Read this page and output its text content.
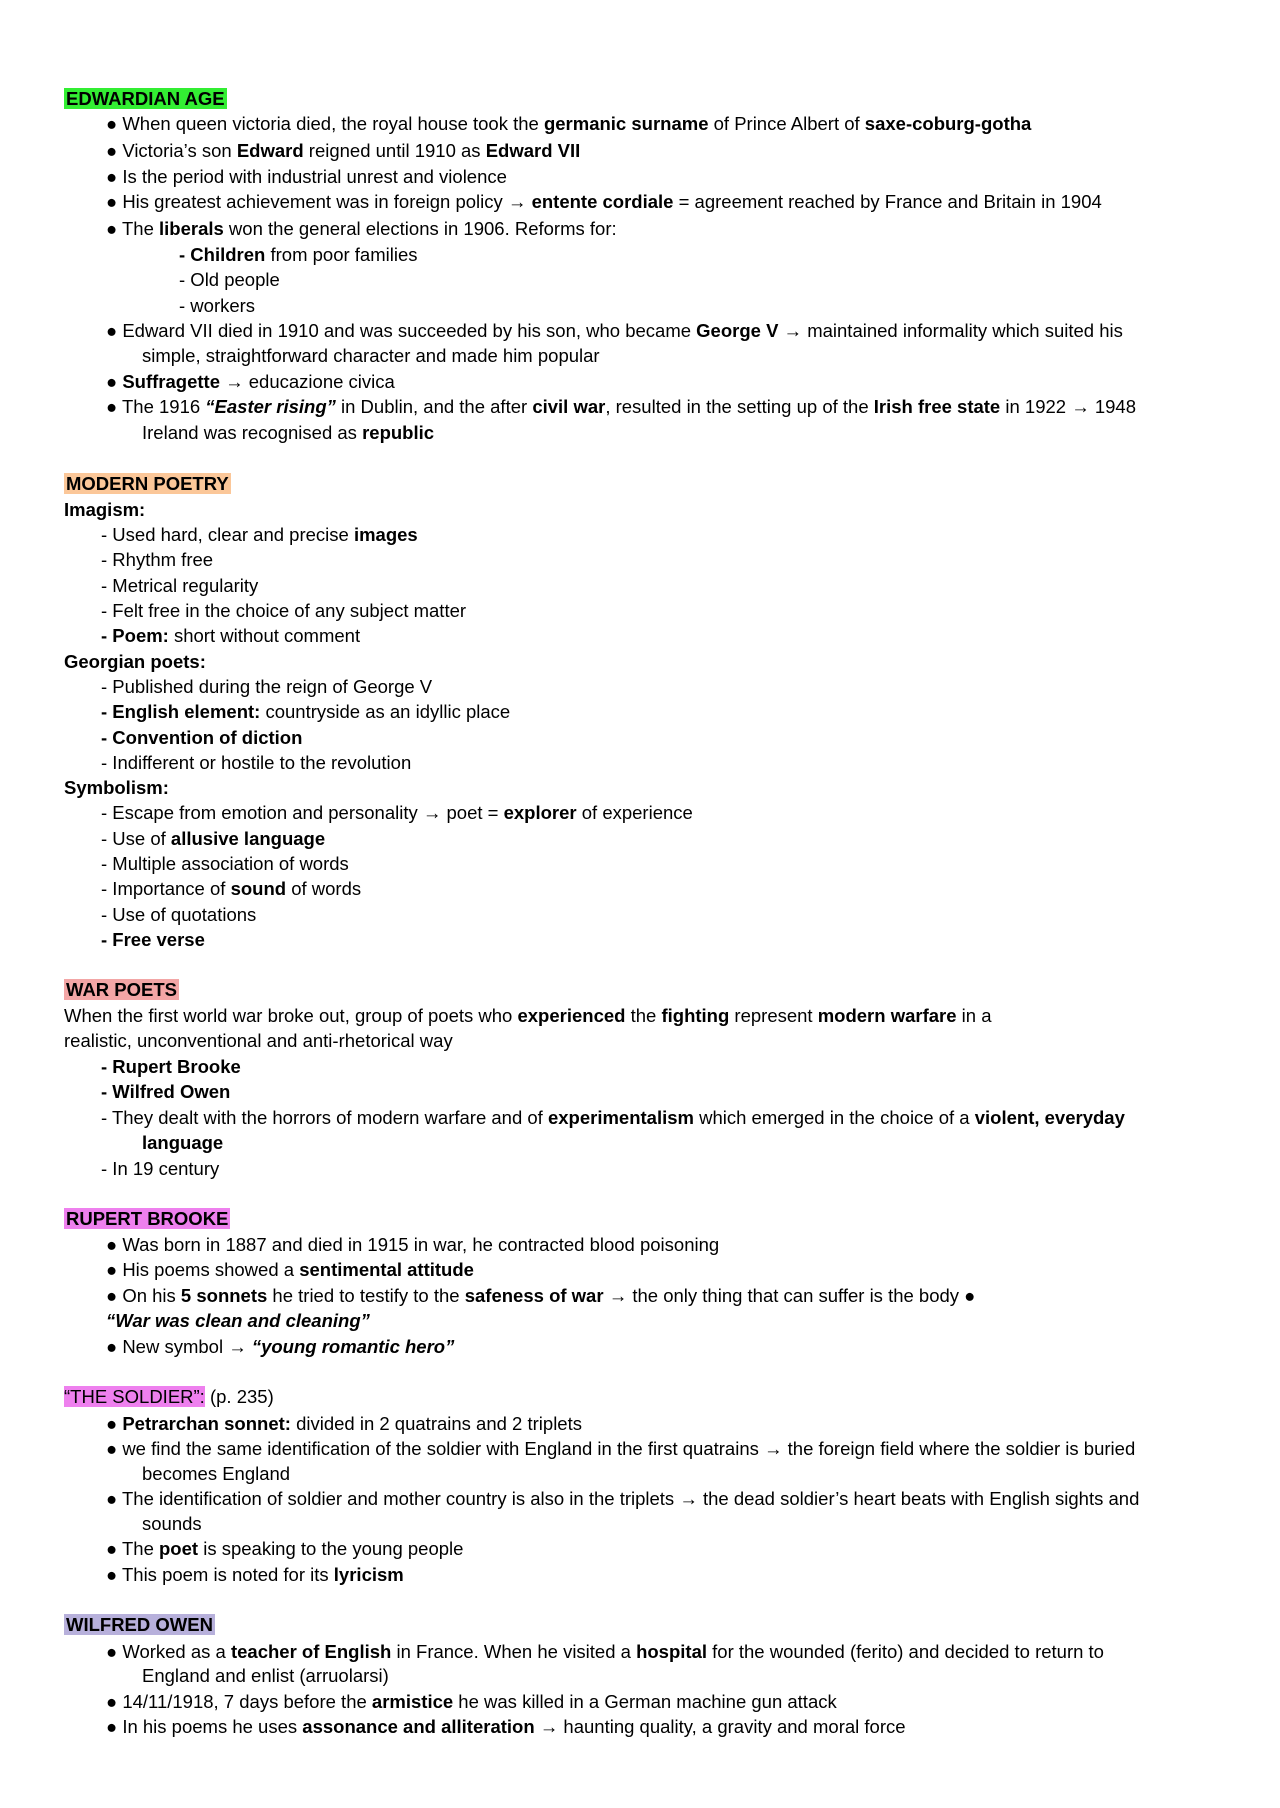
EDWARDIAN AGE
● When queen victoria died, the royal house took the germanic surname of Prince Albert of saxe-coburg-gotha
● Victoria’s son Edward reigned until 1910 as Edward VII
● Is the period with industrial unrest and violence
● His greatest achievement was in foreign policy → entente cordiale = agreement reached by France and Britain in 1904
● The liberals won the general elections in 1906. Reforms for:
- Children from poor families
- Old people
- workers
● Edward VII died in 1910 and was succeeded by his son, who became George V → maintained informality which suited his
simple, straightforward character and made him popular
● Suffragette → educazione civica
● The 1916 “Easter rising” in Dublin, and the after civil war, resulted in the setting up of the Irish free state in 1922 → 1948
Ireland was recognised as republic
MODERN POETRY
Imagism:
- Used hard, clear and precise images
- Rhythm free
- Metrical regularity
- Felt free in the choice of any subject matter
- Poem: short without comment
Georgian poets:
- Published during the reign of George V
- English element: countryside as an idyllic place
- Convention of diction
- Indifferent or hostile to the revolution
Symbolism:
- Escape from emotion and personality → poet = explorer of experience
- Use of allusive language
- Multiple association of words
- Importance of sound of words
- Use of quotations
- Free verse
WAR POETS
When the first world war broke out, group of poets who experienced the fighting represent modern warfare in a
realistic, unconventional and anti-rhetorical way
- Rupert Brooke
- Wilfred Owen
- They dealt with the horrors of modern warfare and of experimentalism which emerged in the choice of a violent, everyday
language
- In 19 century
RUPERT BROOKE
● Was born in 1887 and died in 1915 in war, he contracted blood poisoning
● His poems showed a sentimental attitude
● On his 5 sonnets he tried to testify to the safeness of war → the only thing that can suffer is the body ●
“War was clean and cleaning”
● New symbol → “young romantic hero”
“THE SOLDIER”: (p. 235)
● Petrarchan sonnet: divided in 2 quatrains and 2 triplets
● we find the same identification of the soldier with England in the first quatrains → the foreign field where the soldier is buried
becomes England
● The identification of soldier and mother country is also in the triplets → the dead soldier’s heart beats with English sights and
sounds
● The poet is speaking to the young people
● This poem is noted for its lyricism
WILFRED OWEN
● Worked as a teacher of English in France. When he visited a hospital for the wounded (ferito) and decided to return to
England and enlist (arruolarsi)
● 14/11/1918, 7 days before the armistice he was killed in a German machine gun attack
● In his poems he uses assonance and alliteration → haunting quality, a gravity and moral force
